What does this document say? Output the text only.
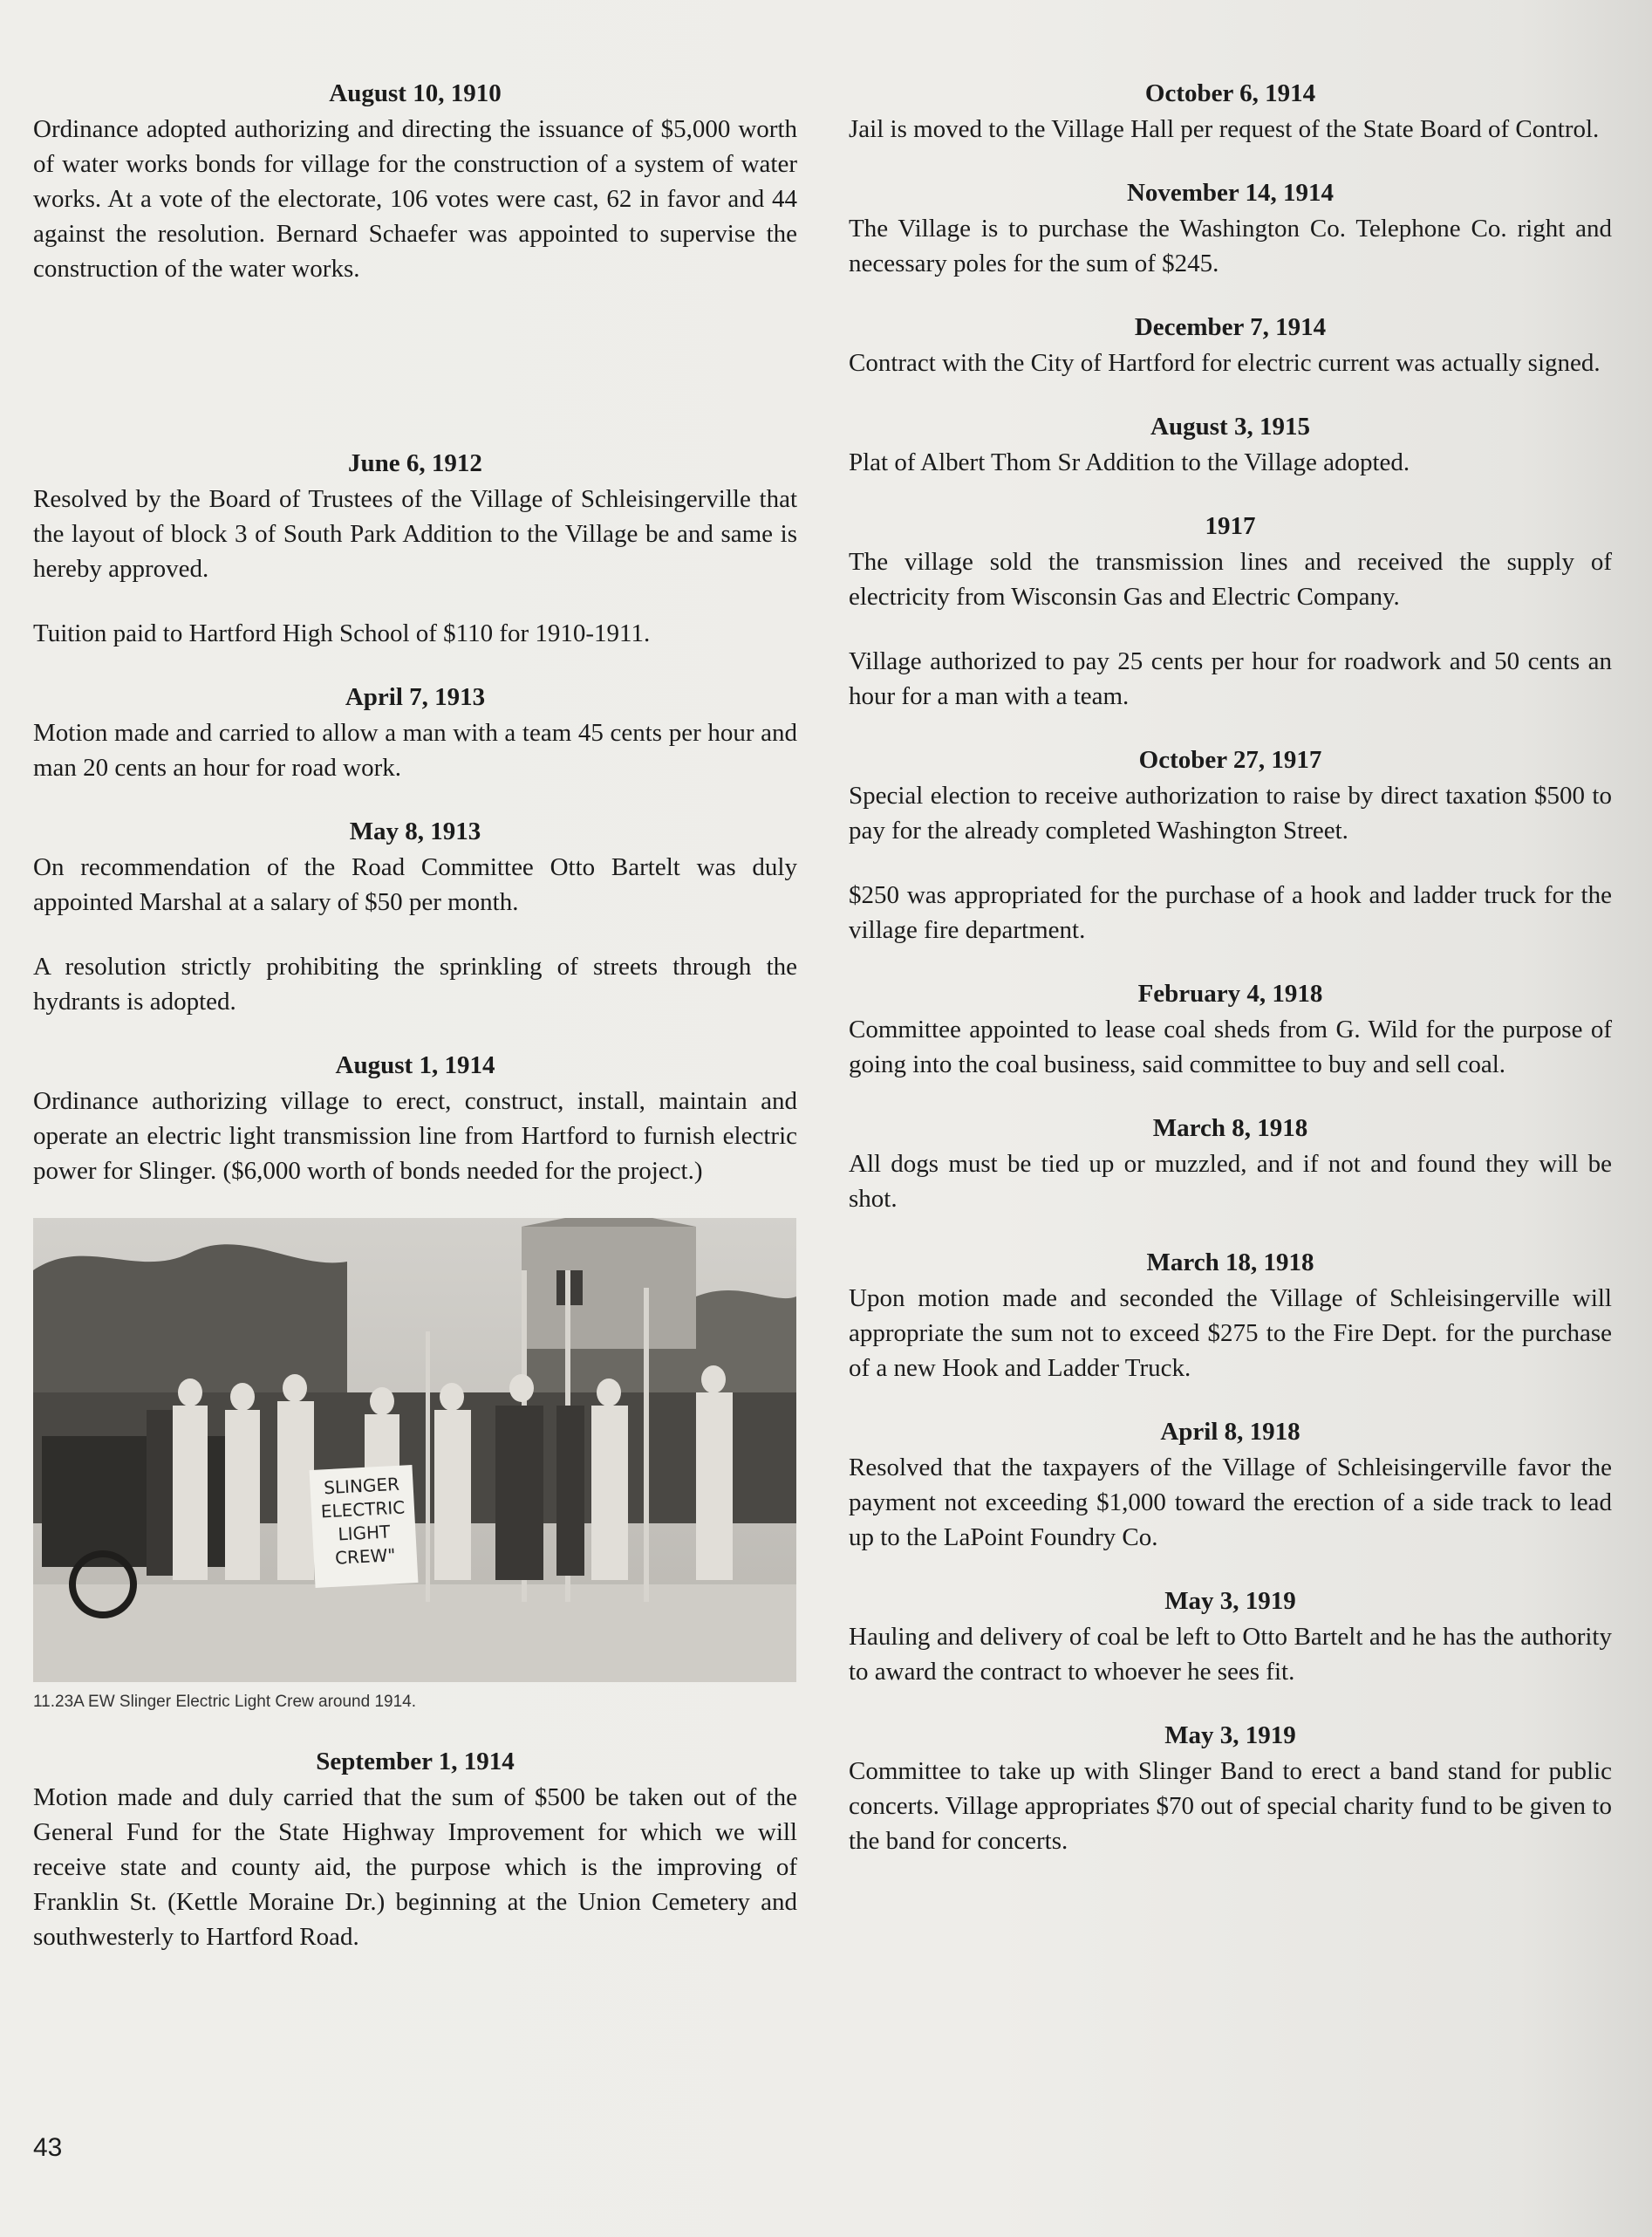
August 10, 1910

Ordinance adopted authorizing and directing the issuance of $5,000 worth of water works bonds for village for the construction of a system of water works. At a vote of the electorate, 106 votes were cast, 62 in favor and 44 against the resolution. Bernard Schaefer was appointed to supervise the construction of the water works.

June 6, 1912

Resolved by the Board of Trustees of the Village of Schleisingerville that the layout of block 3 of South Park Addition to the Village be and same is hereby approved.

Tuition paid to Hartford High School of $110 for 1910-1911.

April 7, 1913

Motion made and carried to allow a man with a team 45 cents per hour and man 20 cents an hour for road work.

May 8, 1913

On recommendation of the Road Committee Otto Bartelt was duly appointed Marshal at a salary of $50 per month.

A resolution strictly prohibiting the sprinkling of streets through the hydrants is adopted.

August 1, 1914

Ordinance authorizing village to erect, construct, install, maintain and operate an electric light transmission line from Hartford to furnish electric power for Slinger. ($6,000 worth of bonds needed for the project.)

SLINGER
ELECTRIC
LIGHT
CREW"
11.23A EW Slinger Electric Light Crew around 1914.
September 1, 1914

Motion made and duly carried that the sum of $500 be taken out of the General Fund for the State Highway Improvement for which we will receive state and county aid, the purpose which is the improving of Franklin St. (Kettle Moraine Dr.) beginning at the Union Cemetery and southwesterly to Hartford Road.

October 6, 1914

Jail is moved to the Village Hall per request of the State Board of Control.

November 14, 1914

The Village is to purchase the Washington Co. Telephone Co. right and necessary poles for the sum of $245.

December 7, 1914

Contract with the City of Hartford for electric current was actually signed.

August 3, 1915

Plat of Albert Thom Sr Addition to the Village adopted.

1917

The village sold the transmission lines and received the supply of electricity from Wisconsin Gas and Electric Company.

Village authorized to pay 25 cents per hour for roadwork and 50 cents an hour for a man with a team.

October 27, 1917

Special election to receive authorization to raise by direct taxation $500 to pay for the already completed Washington Street.

$250 was appropriated for the purchase of a hook and ladder truck for the village fire department.

February 4, 1918

Committee appointed to lease coal sheds from G. Wild for the purpose of going into the coal business, said committee to buy and sell coal.

March 8, 1918

All dogs must be tied up or muzzled, and if not and found they will be shot.

March 18, 1918

Upon motion made and seconded the Village of Schleisingerville will appropriate the sum not to exceed $275 to the Fire Dept. for the purchase of a new Hook and Ladder Truck.

April 8, 1918

Resolved that the taxpayers of the Village of Schleisingerville favor the payment not exceeding $1,000 toward the erection of a side track to lead up to the LaPoint Foundry Co.

May 3, 1919

Hauling and delivery of coal be left to Otto Bartelt and he has the authority to award the contract to whoever he sees fit.

May 3, 1919

Committee to take up with Slinger Band to erect a band stand for public concerts. Village appropriates $70 out of special charity fund to be given to the band for concerts.

43
